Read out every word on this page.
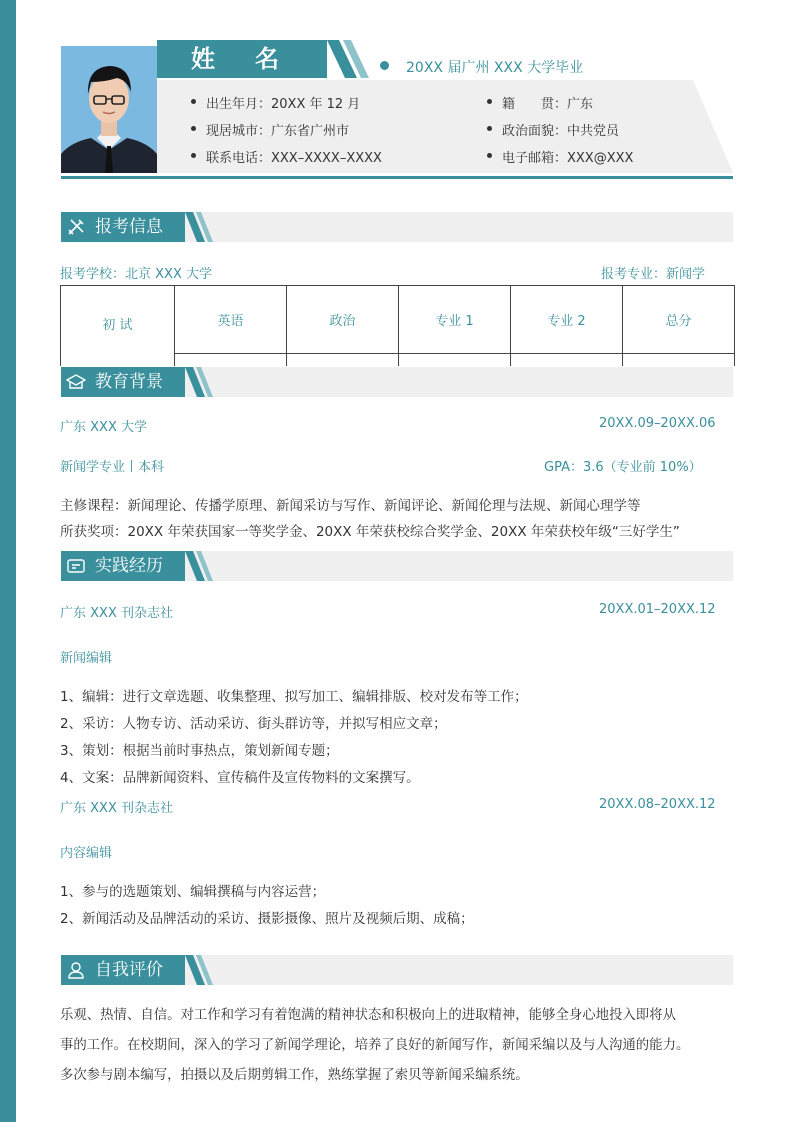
姓名	20XX 届广州 XXX 大学毕业
出生年月：20XX 年 12 月
现居城市：广东省广州市
联系电话：XXX–XXXX–XXXX
籍　　贯：广东
政治面貌：中共党员
电子邮箱：XXX@XXX
报考信息
报考学校：北京 XXX 大学	报考专业：新闻学
初 试	英语	政治	专业 1	专业 2	总分

教育背景
广东 XXX 大学	20XX.09–20XX.06
新闻学专业丨本科	GPA：3.6（专业前 10%）
主修课程：新闻理论、传播学原理、新闻采访与写作、新闻评论、新闻伦理与法规、新闻心理学等
所获奖项：20XX 年荣获国家一等奖学金、20XX 年荣获校综合奖学金、20XX 年荣获校年级“三好学生”
实践经历
广东 XXX 刊杂志社	20XX.01–20XX.12
新闻编辑
1、编辑：进行文章选题、收集整理、拟写加工、编辑排版、校对发布等工作；
2、采访：人物专访、活动采访、街头群访等，并拟写相应文章；
3、策划：根据当前时事热点，策划新闻专题；
4、文案：品牌新闻资料、宣传稿件及宣传物料的文案撰写。
广东 XXX 刊杂志社	20XX.08–20XX.12
内容编辑
1、参与的选题策划、编辑撰稿与内容运营；
2、新闻活动及品牌活动的采访、摄影摄像、照片及视频后期、成稿；
自我评价
乐观、热情、自信。对工作和学习有着饱满的精神状态和积极向上的进取精神，能够全身心地投入即将从
事的工作。在校期间，深入的学习了新闻学理论，培养了良好的新闻写作，新闻采编以及与人沟通的能力。
多次参与剧本编写，拍摄以及后期剪辑工作，熟练掌握了索贝等新闻采编系统。
